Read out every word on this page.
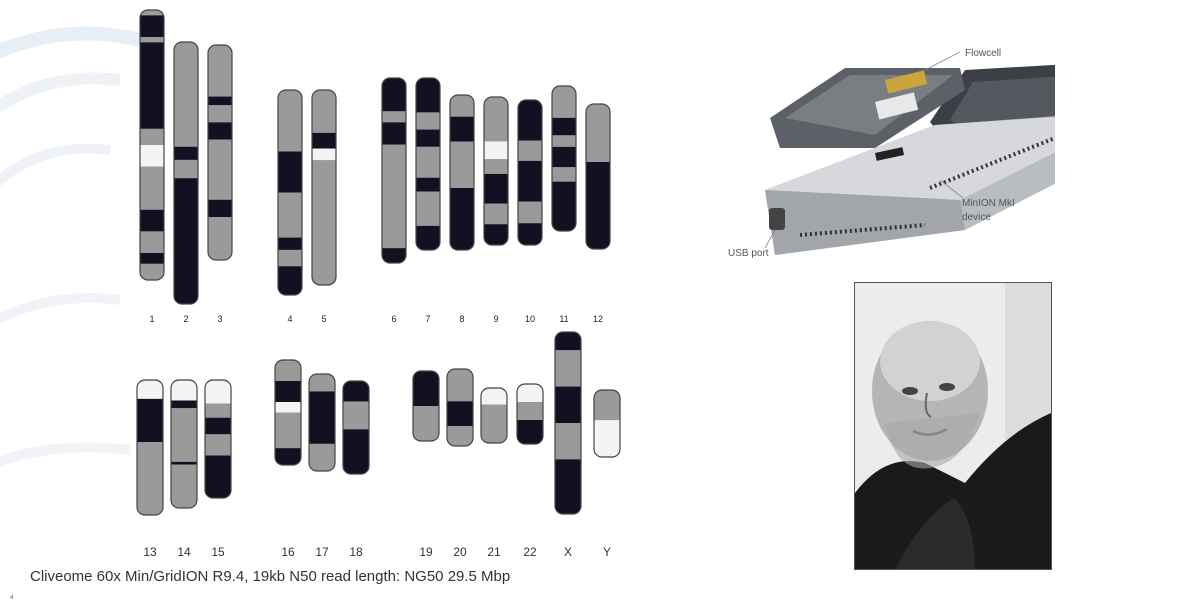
1	2	3	4	5	6	7	8	9	10	11	12
13	14	15	16	17	18	19	20	21	22	X	Y
Cliveome 60x Min/GridION R9.4, 19kb N50 read length: NG50 29.5 Mbp
4
Flowcell
MinION MkI
device
USB port
